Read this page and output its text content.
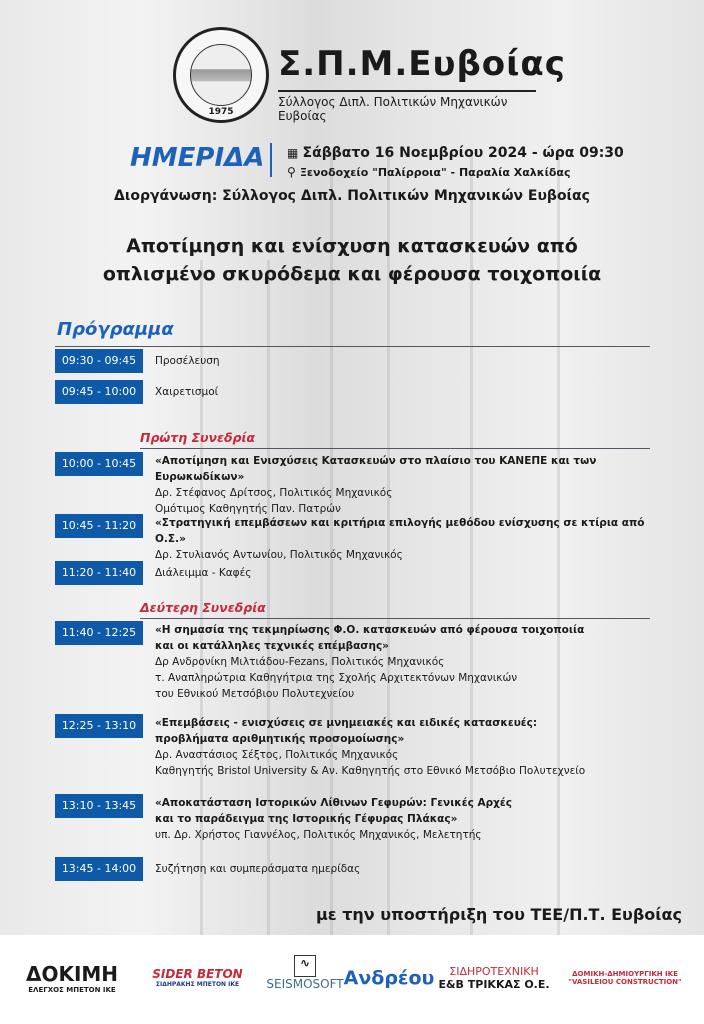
1975
Σ.Π.Μ.Ευβοίας
Σύλλογος Διπλ. Πολιτικών Μηχανικών Ευβοίας
ΗΜΕΡΙΔΑ ▦ Σάββατο 16 Νοεμβρίου 2024 - ώρα 09:30
⚲ Ξενοδοχείο "Παλίρροια" - Παραλία Χαλκίδας
Διοργάνωση: Σύλλογος Διπλ. Πολιτικών Μηχανικών Ευβοίας
Αποτίμηση και ενίσχυση κατασκευών από
οπλισμένο σκυρόδεμα και φέρουσα τοιχοποιία
Πρόγραμμα
Πρώτη Συνεδρία
Δεύτερη Συνεδρία
09:30 - 09:45	Προσέλευση
09:45 - 10:00	Χαιρετισμοί
10:00 - 10:45	«Αποτίμηση και Ενισχύσεις Κατασκευών στο πλαίσιο του ΚΑΝΕΠΕ και των Ευρωκωδίκων»
Δρ. Στέφανος Δρίτσος, Πολιτικός Μηχανικός
Ομότιμος Καθηγητής Παν. Πατρών
10:45 - 11:20	«Στρατηγική επεμβάσεων και κριτήρια επιλογής μεθόδου ενίσχυσης σε κτίρια από Ο.Σ.»
Δρ. Στυλιανός Αντωνίου, Πολιτικός Μηχανικός
11:20 - 11:40	Διάλειμμα - Καφές
11:40 - 12:25	«Η σημασία της τεκμηρίωσης Φ.Ο. κατασκευών από φέρουσα τοιχοποιία
και οι κατάλληλες τεχνικές επέμβασης»
Δρ Ανδρονίκη Μιλτιάδου-Fezans, Πολιτικός Μηχανικός
τ. Αναπληρώτρια Καθηγήτρια της Σχολής Αρχιτεκτόνων Μηχανικών
του Εθνικού Μετσόβιου Πολυτεχνείου
12:25 - 13:10	«Επεμβάσεις - ενισχύσεις σε μνημειακές και ειδικές κατασκευές:
προβλήματα αριθμητικής προσομοίωσης»
Δρ. Αναστάσιος Σέξτος, Πολιτικός Μηχανικός
Καθηγητής Bristol University & Αν. Καθηγητής στο Εθνικό Μετσόβιο Πολυτεχνείο
13:10 - 13:45	«Αποκατάσταση Ιστορικών Λίθινων Γεφυρών: Γενικές Αρχές
και το παράδειγμα της Ιστορικής Γέφυρας Πλάκας»
υπ. Δρ. Χρήστος Γιαννέλος, Πολιτικός Μηχανικός, Μελετητής
13:45 - 14:00	Συζήτηση και συμπεράσματα ημερίδας
με την υποστήριξη του ΤΕΕ/Π.Τ. Ευβοίας
ΔΟΚΙΜΗ
ΕΛΕΓΧΟΣ ΜΠΕΤΟΝ ΙΚΕ
SIDER BETON
ΣΙΔΗΡΑΚΗΣ ΜΠΕΤΟΝ ΙΚΕ
∿
SEISMOSOFT Ανδρέου ΣΙΔΗΡΟΤΕΧΝΙΚΗ
Ε&Β ΤΡΙΚΚΑΣ Ο.Ε.
ΔΟΜΙΚΗ-ΔΗΜΙΟΥΡΓΙΚΗ ΙΚΕ
"VASILEIOU CONSTRUCTION"
